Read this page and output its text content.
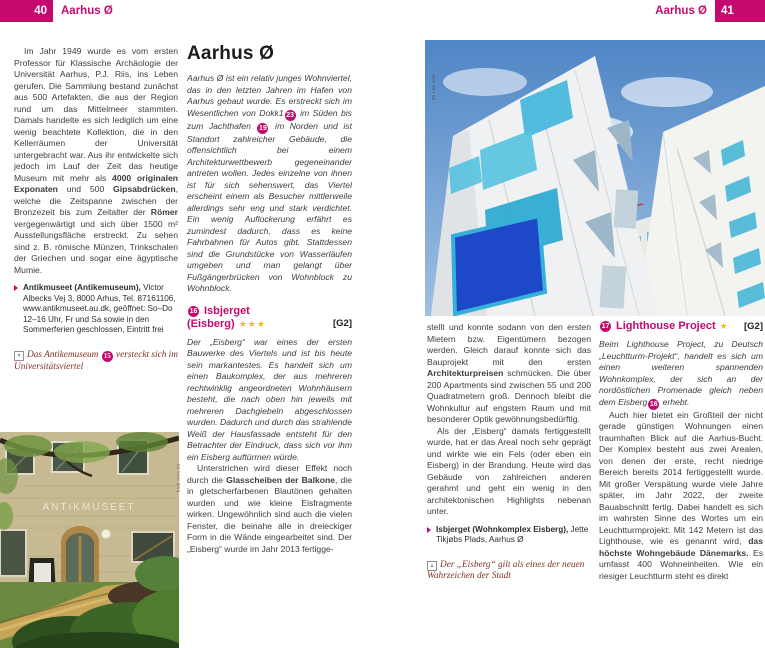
40	Aarhus Ø	Aarhus Ø	41

Im Jahr 1949 wurde es vom ersten Professor für Klassische Archäologie der Universität Aarhus, P.J. Riis, ins Leben gerufen. Die Sammlung bestand zunächst aus 500 Artefakten, die aus der Region rund um das Mittelmeer stammten. Damals handelte es sich lediglich um eine wenig beachtete Kollektion, die in den Kellerräumen der Universität untergebracht war. Aus ihr entwickelte sich jedoch im Lauf der Zeit das heutige Museum mit mehr als 4000 originalen Exponaten und 500 Gipsabdrücken, welche die Zeitspanne zwischen der Bronzezeit bis zum Zeitalter der Römer vergegenwärtigt und sich über 1500 m² Ausstellungsfläche erstreckt. Zu sehen sind z. B. römische Münzen, Trinkschalen der Griechen und sogar eine ägyptische Mumie.

Antikmuseet (Antikemuseum), Victor Albecks Vej 3, 8000 Arhus, Tel. 87161106, www.antikmuseet.au.dk, geöffnet: So–Do 12–16 Uhr, Fr und Sa sowie in den Sommerferien geschlossen, Eintritt frei
▾ Das Antikemuseum 15 versteckt sich im Universitätsviertel
Aarhus Ø

Aarhus Ø ist ein relativ junges Wohnviertel, das in den letzten Jahren im Hafen von Aarhus gebaut wurde. Es erstreckt sich im Wesentlichen von Dokk1 23 im Süden bis zum Jachthafen 19 im Norden und ist Standort zahlreicher Gebäude, die offensichtlich bei einem Architekturwettbewerb gegeneinander antreten wollen. Jedes einzelne von ihnen ist für sich sehenswert, das Viertel erscheint einem als Besucher mittlerweile allerdings sehr eng und stark verdichtet. Ein wenig Auflockerung erfährt es zumindest dadurch, dass es keine Fahrbahnen für Autos gibt. Stattdessen sind die Grundstücke von Wasserläufen umgeben und man gelangt über Fußgängerbrücken von Wohnblock zu Wohnblock.

16 Isbjerget
(Eisberg) ★★★	[G2]

Der „Eisberg“ war eines der ersten Bauwerke des Viertels und ist bis heute sein markantestes. Es handelt sich um einen Baukomplex, der aus mehreren rechtwinklig angeordneten Wohnhäusern besteht, die nach oben hin jeweils mit mehreren Dachgiebeln abgeschlossen wurden. Dadurch und durch das strahlende Weiß der Hausfassade entsteht für den Betrachter der Eindruck, dass sich vor ihm ein Eisberg auftürmen würde.

Unterstrichen wird dieser Effekt noch durch die Glasscheiben der Balkone, die in gletscherfarbenen Blautönen gehalten wurden und wie kleine Eisfragmente wirken. Ungewöhnlich sind auch die vielen Fenster, die beinahe alle in dreieckiger Form in die Wände eingearbeitet sind. Der „Eisberg“ wurde im Jahr 2013 fertigge-

stellt und konnte sodann von den ersten Mietern bzw. Eigentümern bezogen werden. Gleich darauf konnte sich das Bauprojekt mit den ersten Architekturpreisen schmücken. Die über 200 Apartments sind zwischen 55 und 200 Quadratmetern groß. Dennoch bleibt die Wohnkultur auf engstem Raum und mit besonderer Optik gewöhnungsbedürftig.

Als der „Eisberg“ damals fertiggestellt wurde, hat er das Areal noch sehr geprägt und wirkte wie ein Fels (oder eben ein Eisberg) in der Brandung. Heute wird das Gebäude von zahlreichen anderen gerahmt und geht ein wenig in den architektonischen Highlights nebenan unter.

Isbjerget (Wohnkomplex Eisberg), Jette Tikjøbs Plads, Aarhus Ø
▴ Der „Eisberg“ gilt als eines der neuen Wahrzeichen der Stadt
17 Lighthouse Project ★ [G2]

Beim Lighthouse Project, zu Deutsch „Leuchtturm-Projekt“, handelt es sich um einen weiteren spannenden Wohnkomplex, der sich an der nordöstlichen Promenade gleich neben dem Eisberg 16 erhebt.

Auch hier bietet ein Großteil der nicht gerade günstigen Wohnungen einen traumhaften Blick auf die Aarhus-Bucht. Der Komplex besteht aus zwei Arealen, von denen der erste, recht niedrige Bereich bereits 2014 fertiggestellt wurde. Mit großer Verspätung wurde viele Jahre später, im Jahr 2022, der zweite Bauabschnitt fertig. Dabei handelt es sich im wahrsten Sinne des Wortes um ein Leuchtturmprojekt: Mit 142 Metern ist das Lighthouse, wie es genannt wird, das höchste Wohngebäude Dänemarks. Es umfasst 400 Wohneinheiten. Wie ein riesiger Leuchtturm steht es direkt

ANTIKMUSEET
blub-revu.00
02 Lko ssth
